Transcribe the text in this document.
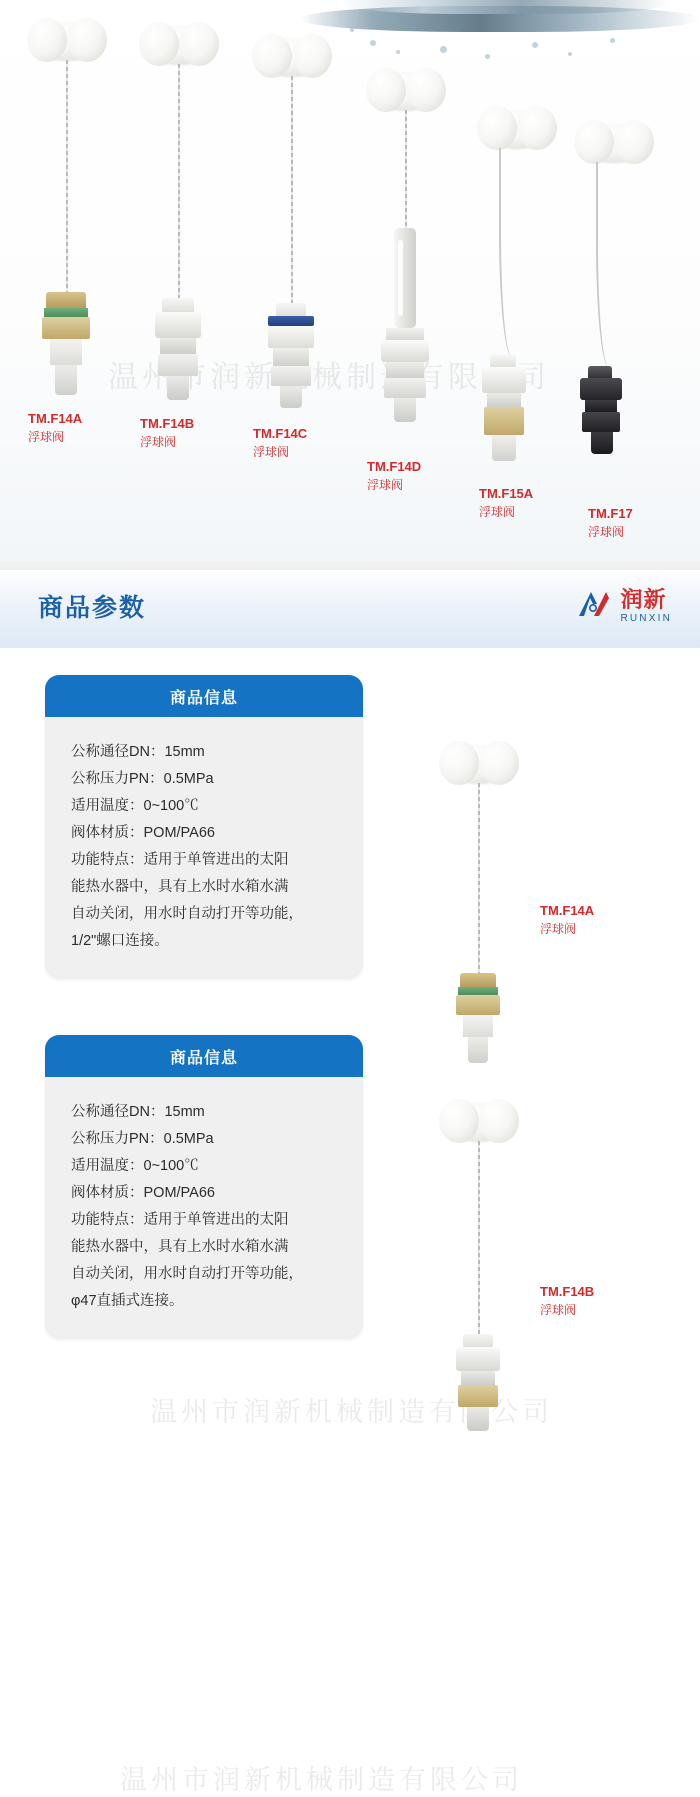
温州市润新机械制造有限公司
TM.F14A
浮球阀
TM.F14B
浮球阀
TM.F14C
浮球阀
TM.F14D
浮球阀
TM.F15A
浮球阀	TM.F17
浮球阀
商品参数	润新
RUNXIN
温州市润新机械制造有限公司
温州市润新机械制造有限公司
商品信息

公称通径DN：15mm

公称压力PN：0.5MPa

适用温度：0~100℃

阀体材质：POM/PA66

功能特点：适用于单管进出的太阳

能热水器中，具有上水时水箱水满

自动关闭，用水时自动打开等功能，

1/2"螺口连接。

TM.F14A
浮球阀
商品信息

公称通径DN：15mm

公称压力PN：0.5MPa

适用温度：0~100℃

阀体材质：POM/PA66

功能特点：适用于单管进出的太阳

能热水器中，具有上水时水箱水满

自动关闭，用水时自动打开等功能，

φ47直插式连接。

TM.F14B
浮球阀
